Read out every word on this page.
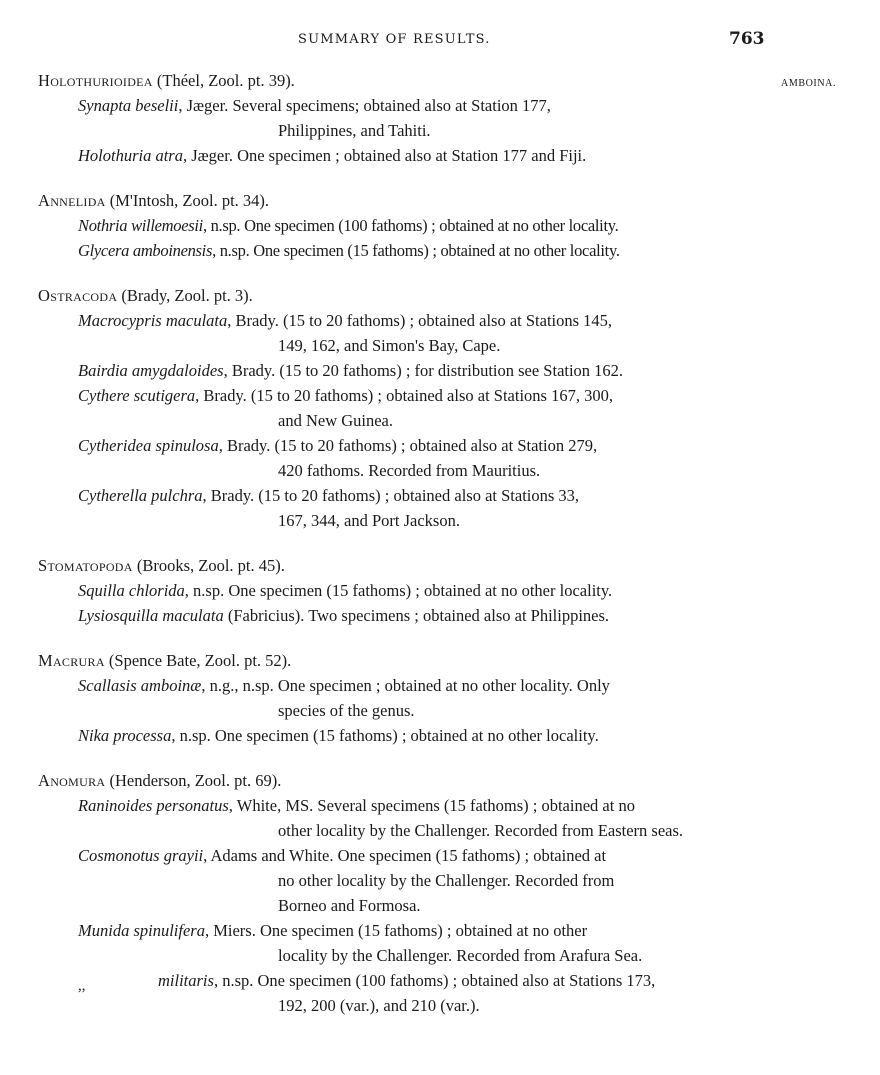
SUMMARY OF RESULTS.	763
AMBOINA.
Holothurioidea (Théel, Zool. pt. 39).
Synapta beselii, Jæger. Several specimens; obtained also at Station 177,
Philippines, and Tahiti.
Holothuria atra, Jæger. One specimen ; obtained also at Station 177 and Fiji.
Annelida (M'Intosh, Zool. pt. 34).
Nothria willemoesii, n.sp. One specimen (100 fathoms) ; obtained at no other locality.
Glycera amboinensis, n.sp. One specimen (15 fathoms) ; obtained at no other locality.
Ostracoda (Brady, Zool. pt. 3).
Macrocypris maculata, Brady. (15 to 20 fathoms) ; obtained also at Stations 145,
149, 162, and Simon's Bay, Cape.
Bairdia amygdaloides, Brady. (15 to 20 fathoms) ; for distribution see Station 162.
Cythere scutigera, Brady. (15 to 20 fathoms) ; obtained also at Stations 167, 300,
and New Guinea.
Cytheridea spinulosa, Brady. (15 to 20 fathoms) ; obtained also at Station 279,
420 fathoms. Recorded from Mauritius.
Cytherella pulchra, Brady. (15 to 20 fathoms) ; obtained also at Stations 33,
167, 344, and Port Jackson.
Stomatopoda (Brooks, Zool. pt. 45).
Squilla chlorida, n.sp. One specimen (15 fathoms) ; obtained at no other locality.
Lysiosquilla maculata (Fabricius). Two specimens ; obtained also at Philippines.
Macrura (Spence Bate, Zool. pt. 52).
Scallasis amboinæ, n.g., n.sp. One specimen ; obtained at no other locality. Only
species of the genus.
Nika processa, n.sp. One specimen (15 fathoms) ; obtained at no other locality.
Anomura (Henderson, Zool. pt. 69).
Raninoides personatus, White, MS. Several specimens (15 fathoms) ; obtained at no
other locality by the Challenger. Recorded from Eastern seas.
Cosmonotus grayii, Adams and White. One specimen (15 fathoms) ; obtained at
no other locality by the Challenger. Recorded from
Borneo and Formosa.
Munida spinulifera, Miers. One specimen (15 fathoms) ; obtained at no other
locality by the Challenger. Recorded from Arafura Sea.
,,	militaris, n.sp. One specimen (100 fathoms) ; obtained also at Stations 173,
192, 200 (var.), and 210 (var.).
